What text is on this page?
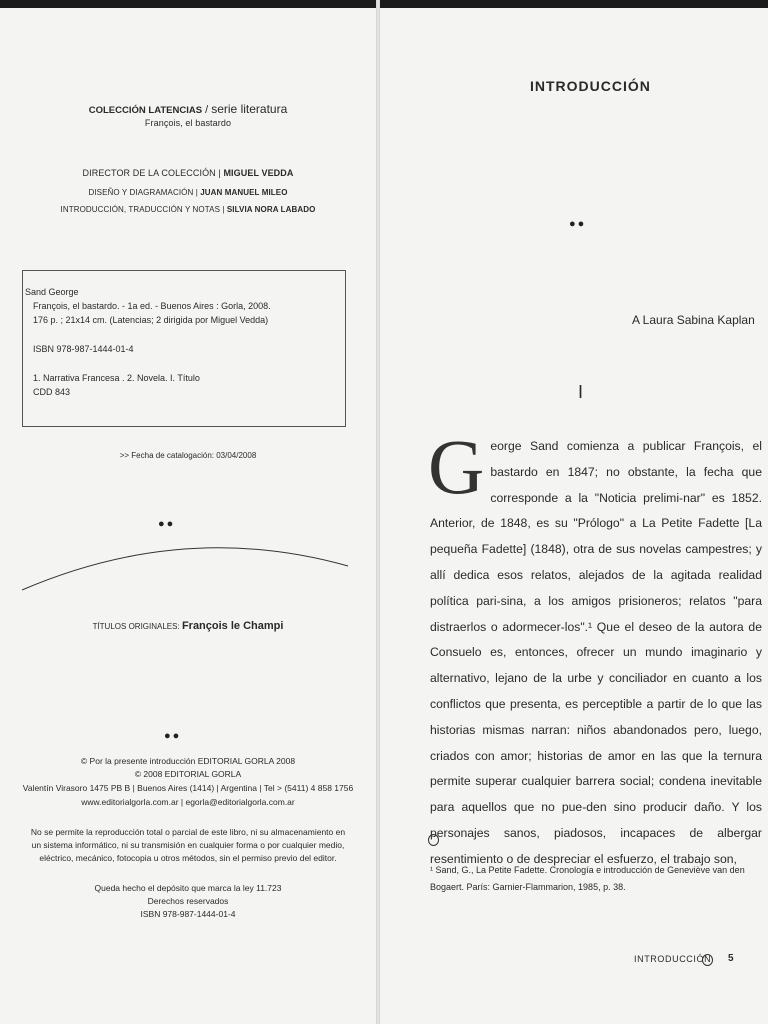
COLECCIÓN LATENCIAS / serie literatura
François, el bastardo
DIRECTOR DE LA COLECCIÓN | MIGUEL VEDDA
DISEÑO Y DIAGRAMACIÓN | JUAN MANUEL MILEO
INTRODUCCIÓN, TRADUCCIÓN Y NOTAS | SILVIA NORA LABADO
Sand George
François, el bastardo. - 1a ed. - Buenos Aires : Gorla, 2008.
176 p. ; 21x14 cm. (Latencias; 2 dirigida por Miguel Vedda)
ISBN 978-987-1444-01-4
1. Narrativa Francesa . 2. Novela. I. Título
CDD 843
>> Fecha de catalogación: 03/04/2008
●●
TÍTULOS ORIGINALES: François le Champi
●●
© Por la presente introducción EDITORIAL GORLA 2008
© 2008 EDITORIAL GORLA
Valentín Virasoro 1475 PB B | Buenos Aires (1414) | Argentina | Tel > (5411) 4 858 1756
www.editorialgorla.com.ar | egorla@editorialgorla.com.ar
No se permite la reproducción total o parcial de este libro, ni su almacenamiento en
un sistema informático, ni su transmisión en cualquier forma o por cualquier medio,
eléctrico, mecánico, fotocopia u otros métodos, sin el permiso previo del editor.
Queda hecho el depósito que marca la ley 11.723
Derechos reservados
ISBN 978-987-1444-01-4
INTRODUCCIÓN
●●
A Laura Sabina Kaplan
I

George Sand comienza a publicar François, el bastardo en 1847; no obstante, la fecha que corresponde a la "Noticia prelimi-nar" es 1852. Anterior, de 1848, es su "Prólogo" a La Petite Fadette [La pequeña Fadette] (1848), otra de sus novelas campestres; y allí dedica esos relatos, alejados de la agitada realidad política pari-sina, a los amigos prisioneros; relatos "para distraerlos o adormecer-los".¹ Que el deseo de la autora de Consuelo es, entonces, ofrecer un mundo imaginario y alternativo, lejano de la urbe y conciliador en cuanto a los conflictos que presenta, es perceptible a partir de lo que las historias mismas narran: niños abandonados pero, luego, criados con amor; historias de amor en las que la ternura permite superar cualquier barrera social; condena inevitable para aquellos que no pue-den sino producir daño. Y los personajes sanos, piadosos, incapaces de albergar resentimiento o de despreciar el esfuerzo, el trabajo son,

¹ Sand, G., La Petite Fadette. Cronología e introducción de Geneviève van den Bogaert. París: Garnier-Flammarion, 1985, p. 38.
INTRODUCCIÓN 5
